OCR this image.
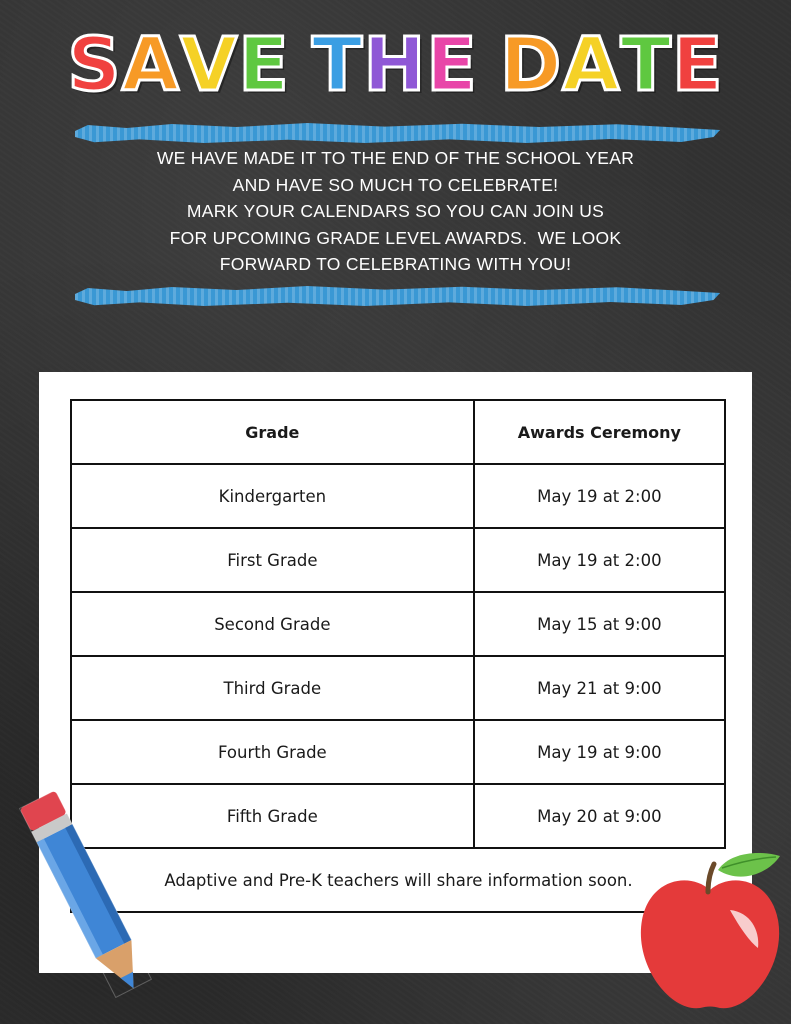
SAVE THE DATE
WE HAVE MADE IT TO THE END OF THE SCHOOL YEAR
AND HAVE SO MUCH TO CELEBRATE!
MARK YOUR CALENDARS SO YOU CAN JOIN US
FOR UPCOMING GRADE LEVEL AWARDS.  WE LOOK
FORWARD TO CELEBRATING WITH YOU!
Grade	Awards Ceremony
Kindergarten	May 19 at 2:00
First Grade	May 19 at 2:00
Second Grade	May 15 at 9:00
Third Grade	May 21 at 9:00
Fourth Grade	May 19 at 9:00
Fifth Grade	May 20 at 9:00
Adaptive and Pre-K teachers will share information soon.	
